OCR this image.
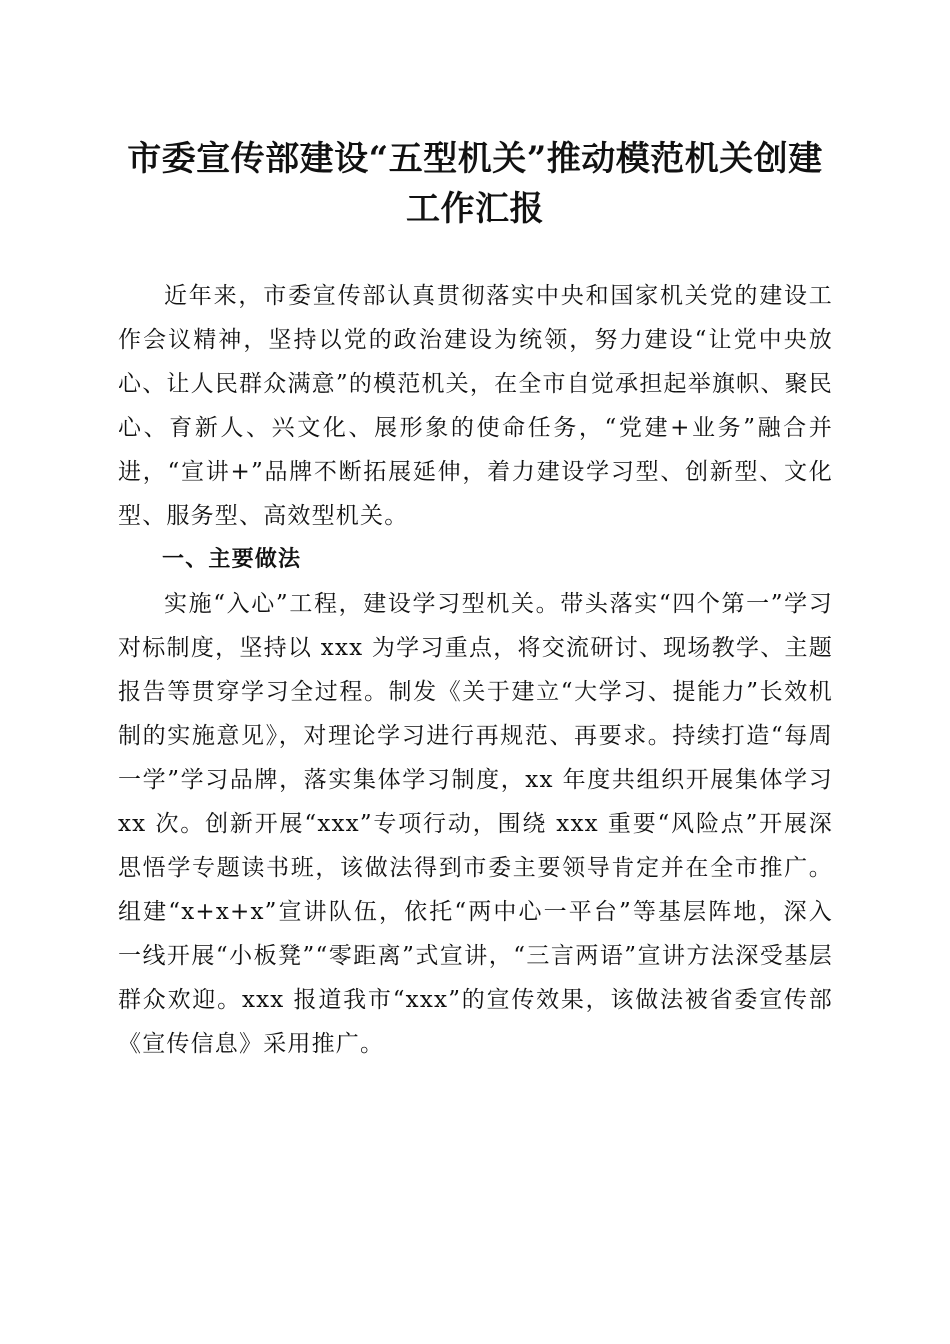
市委宣传部建设“五型机关”推动模范机关创建工作汇报

近年来，市委宣传部认真贯彻落实中央和国家机关党的建设工作会议精神，坚持以党的政治建设为统领，努力建设“让党中央放心、让人民群众满意”的模范机关，在全市自觉承担起举旗帜、聚民心、育新人、兴文化、展形象的使命任务，“党建+业务”融合并进，“宣讲+”品牌不断拓展延伸，着力建设学习型、创新型、文化型、服务型、高效型机关。

一、主要做法

实施“入心”工程，建设学习型机关。带头落实“四个第一”学习对标制度，坚持以 xxx 为学习重点，将交流研讨、现场教学、主题报告等贯穿学习全过程。制发《关于建立“大学习、提能力”长效机制的实施意见》，对理论学习进行再规范、再要求。持续打造“每周一学”学习品牌，落实集体学习制度，xx 年度共组织开展集体学习 xx 次。创新开展“xxx”专项行动，围绕 xxx 重要“风险点”开展深思悟学专题读书班，该做法得到市委主要领导肯定并在全市推广。组建“x+x+x”宣讲队伍，依托“两中心一平台”等基层阵地，深入一线开展“小板凳”“零距离”式宣讲，“三言两语”宣讲方法深受基层群众欢迎。xxx 报道我市“xxx”的宣传效果，该做法被省委宣传部《宣传信息》采用推广。
